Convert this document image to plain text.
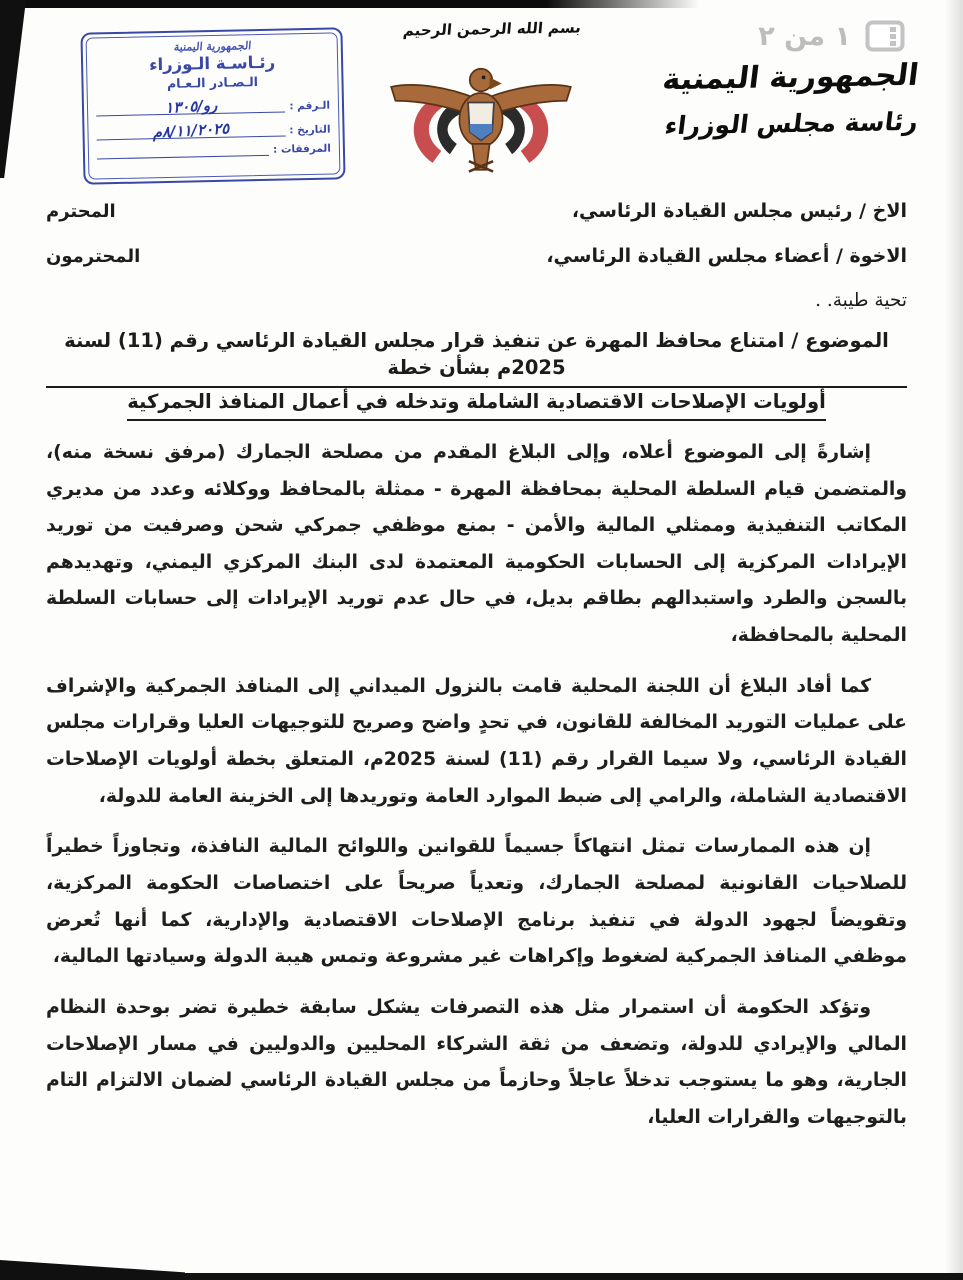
الجمهورية اليمنية
رئـاسـة الـوزراء
الـصـادر الـعـام
الـرقم :
رو/١٣٠٥
التاريخ :
٨/١١/٢٠٢٥م
المرفقات :
بسم الله الرحمن الرحيم	١ من ٢
الجمهورية اليمنية
رئاسة مجلس الوزراء
الاخ / رئيس مجلس القيادة الرئاسي،
المحترم
الاخوة / أعضاء مجلس القيادة الرئاسي،
المحترمون
تحية طيبة. .
الموضوع / امتناع محافظ المهرة عن تنفيذ قرار مجلس القيادة الرئاسي رقم (11) لسنة 2025م بشأن خطة
أولويات الإصلاحات الاقتصادية الشاملة وتدخله في أعمال المنافذ الجمركية

إشارةً إلى الموضوع أعلاه، وإلى البلاغ المقدم من مصلحة الجمارك (مرفق نسخة منه)، والمتضمن قيام السلطة المحلية بمحافظة المهرة - ممثلة بالمحافظ ووكلائه وعدد من مديري المكاتب التنفيذية وممثلي المالية والأمن - بمنع موظفي جمركي شحن وصرفيت من توريد الإيرادات المركزية إلى الحسابات الحكومية المعتمدة لدى البنك المركزي اليمني، وتهديدهم بالسجن والطرد واستبدالهم بطاقم بديل، في حال عدم توريد الإيرادات إلى حسابات السلطة المحلية بالمحافظة،

كما أفاد البلاغ أن اللجنة المحلية قامت بالنزول الميداني إلى المنافذ الجمركية والإشراف على عمليات التوريد المخالفة للقانون، في تحدٍ واضح وصريح للتوجيهات العليا وقرارات مجلس القيادة الرئاسي، ولا سيما القرار رقم (11) لسنة 2025م، المتعلق بخطة أولويات الإصلاحات الاقتصادية الشاملة، والرامي إلى ضبط الموارد العامة وتوريدها إلى الخزينة العامة للدولة،

إن هذه الممارسات تمثل انتهاكاً جسيماً للقوانين واللوائح المالية النافذة، وتجاوزاً خطيراً للصلاحيات القانونية لمصلحة الجمارك، وتعدياً صريحاً على اختصاصات الحكومة المركزية، وتقويضاً لجهود الدولة في تنفيذ برنامج الإصلاحات الاقتصادية والإدارية، كما أنها تُعرض موظفي المنافذ الجمركية لضغوط وإكراهات غير مشروعة وتمس هيبة الدولة وسيادتها المالية،

وتؤكد الحكومة أن استمرار مثل هذه التصرفات يشكل سابقة خطيرة تضر بوحدة النظام المالي والإيرادي للدولة، وتضعف من ثقة الشركاء المحليين والدوليين في مسار الإصلاحات الجارية، وهو ما يستوجب تدخلاً عاجلاً وحازماً من مجلس القيادة الرئاسي لضمان الالتزام التام بالتوجيهات والقرارات العليا،
